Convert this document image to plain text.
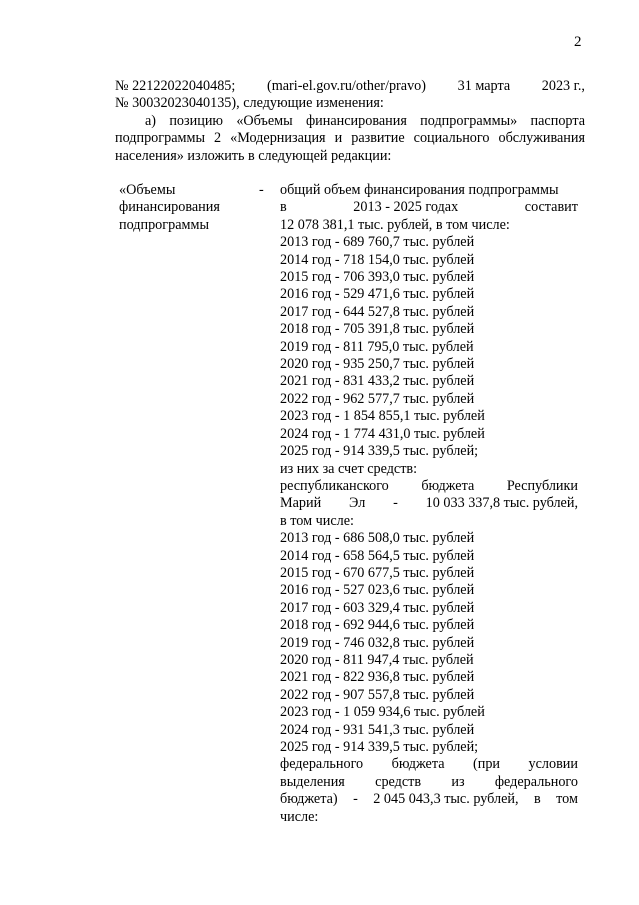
2
№ 22122022040485; (mari-el.gov.ru/other/pravo) 31 марта 2023 г.,
№ 30032023040135), следующие изменения:
а) позицию «Объемы финансирования подпрограммы» паспорта
подпрограммы 2 «Модернизация и развитие социального обслуживания
населения» изложить в следующей редакции:
«Объемы
финансирования
подпрограммы
- общий объем финансирования подпрограммы
в	2013 - 2025 годах	составит
12 078 381,1 тыс. рублей, в том числе:
2013 год - 689 760,7 тыс. рублей
2014 год - 718 154,0 тыс. рублей
2015 год - 706 393,0 тыс. рублей
2016 год - 529 471,6 тыс. рублей
2017 год - 644 527,8 тыс. рублей
2018 год - 705 391,8 тыс. рублей
2019 год - 811 795,0 тыс. рублей
2020 год - 935 250,7 тыс. рублей
2021 год - 831 433,2 тыс. рублей
2022 год - 962 577,7 тыс. рублей
2023 год - 1 854 855,1 тыс. рублей
2024 год - 1 774 431,0 тыс. рублей
2025 год - 914 339,5 тыс. рублей;
из них за счет средств:
республиканского бюджета Республики
Марий Эл - 10 033 337,8 тыс. рублей,
в том числе:
2013 год - 686 508,0 тыс. рублей
2014 год - 658 564,5 тыс. рублей
2015 год - 670 677,5 тыс. рублей
2016 год - 527 023,6 тыс. рублей
2017 год - 603 329,4 тыс. рублей
2018 год - 692 944,6 тыс. рублей
2019 год - 746 032,8 тыс. рублей
2020 год - 811 947,4 тыс. рублей
2021 год - 822 936,8 тыс. рублей
2022 год - 907 557,8 тыс. рублей
2023 год - 1 059 934,6 тыс. рублей
2024 год - 931 541,3 тыс. рублей
2025 год - 914 339,5 тыс. рублей;
федерального бюджета (при условии
выделения средств из федерального
бюджета) - 2 045 043,3 тыс. рублей, в том
числе:
